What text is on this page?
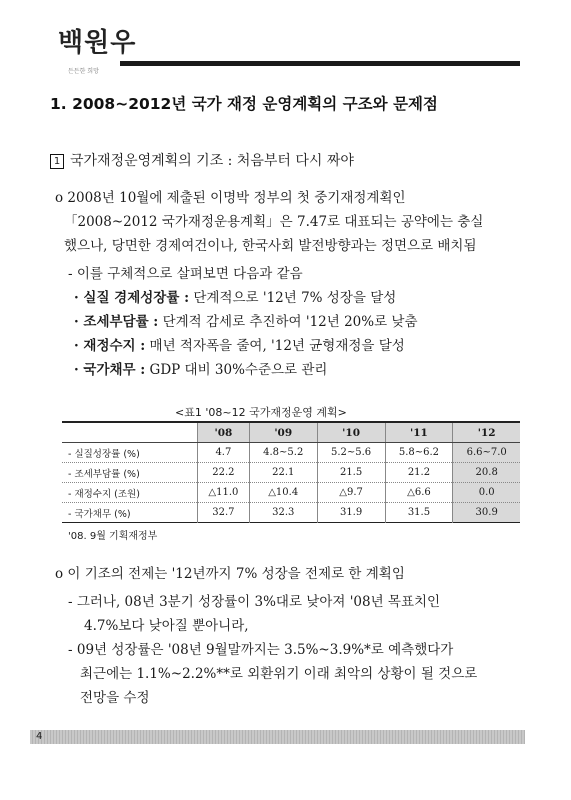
백원우
든든한 희망
1. 2008~2012년 국가 재정 운영계획의 구조와 문제점
1 국가재정운영계획의 기조 : 처음부터 다시 짜야
o 2008년 10월에 제출된 이명박 정부의 첫 중기재정계획인
「2008~2012 국가재정운용계획」은 7.47로 대표되는 공약에는 충실
했으나, 당면한 경제여건이나, 한국사회 발전방향과는 정면으로 배치됨
- 이를 구체적으로 살펴보면 다음과 같음
· 실질 경제성장률 : 단계적으로 '12년 7% 성장을 달성
· 조세부담률 : 단계적 감세로 추진하여 '12년 20%로 낮춤
· 재정수지 : 매년 적자폭을 줄여, '12년 균형재정을 달성
· 국가채무 : GDP 대비 30%수준으로 관리
<표1 '08~12 국가재정운영 계획>
	'08	'09	'10	'11	'12
- 실질성장률 (%)	4.7	4.8~5.2	5.2~5.6	5.8~6.2	6.6~7.0
- 조세부담률 (%)	22.2	22.1	21.5	21.2	20.8
- 재정수지 (조원)	△11.0	△10.4	△9.7	△6.6	0.0
- 국가채무 (%)	32.7	32.3	31.9	31.5	30.9
'08. 9월 기획재정부
o 이 기조의 전제는 '12년까지 7% 성장을 전제로 한 계획임
- 그러나, 08년 3분기 성장률이 3%대로 낮아져 '08년 목표치인
4.7%보다 낮아질 뿐아니라,
- 09년 성장률은 '08년 9월말까지는 3.5%~3.9%*로 예측했다가
최근에는 1.1%~2.2%**로 외환위기 이래 최악의 상황이 될 것으로
전망을 수정
4
